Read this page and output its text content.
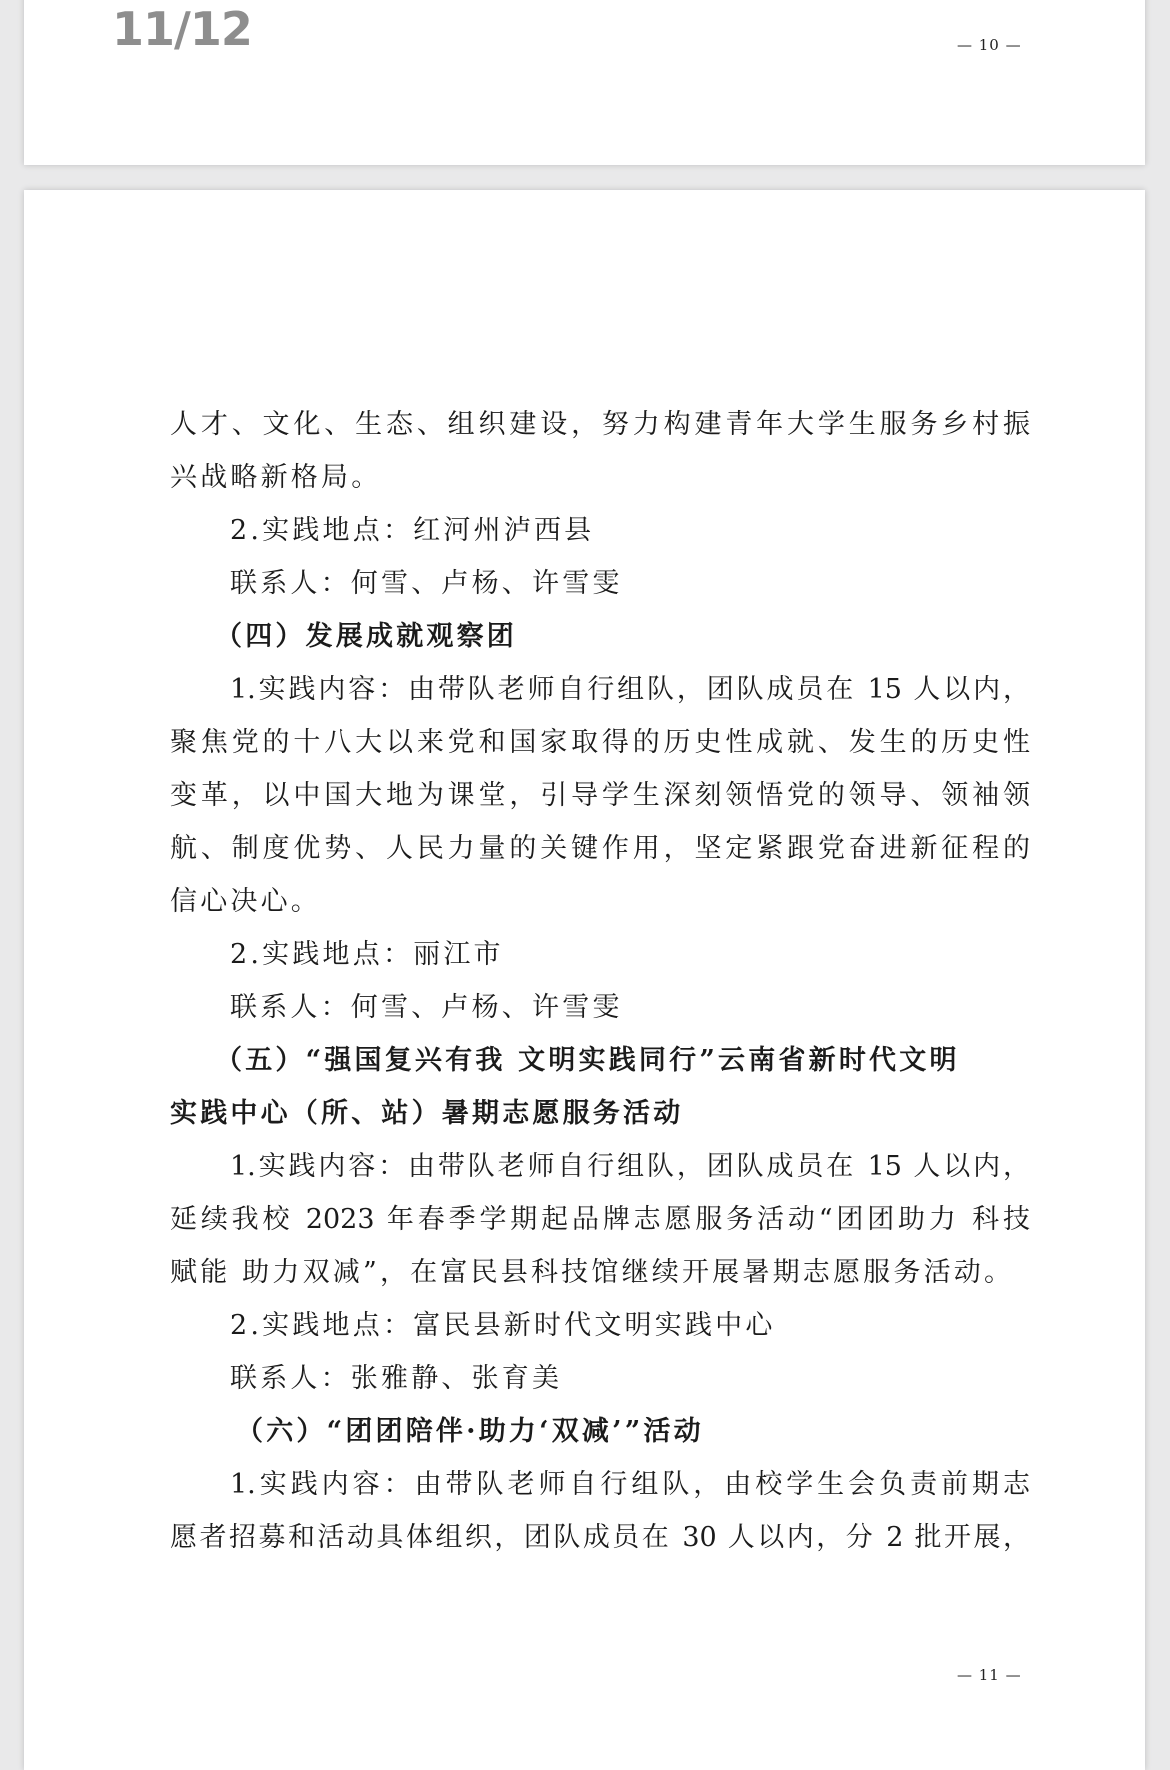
11/12	— 10 —
人才、文化、生态、组织建设，努力构建青年大学生服务乡村振
兴战略新格局。
2.实践地点：红河州泸西县
联系人：何雪、卢杨、许雪雯
（四）发展成就观察团
1.实践内容：由带队老师自行组队，团队成员在 15 人以内，
聚焦党的十八大以来党和国家取得的历史性成就、发生的历史性
变革，以中国大地为课堂，引导学生深刻领悟党的领导、领袖领
航、制度优势、人民力量的关键作用，坚定紧跟党奋进新征程的
信心决心。
2.实践地点：丽江市
联系人：何雪、卢杨、许雪雯
（五）“强国复兴有我 文明实践同行”云南省新时代文明
实践中心（所、站）暑期志愿服务活动
1.实践内容：由带队老师自行组队，团队成员在 15 人以内，
延续我校 2023 年春季学期起品牌志愿服务活动“团团助力 科技
赋能 助力双减”，在富民县科技馆继续开展暑期志愿服务活动。
2.实践地点：富民县新时代文明实践中心
联系人：张雅静、张育美
（六）“团团陪伴·助力‘双减’”活动
1.实践内容：由带队老师自行组队，由校学生会负责前期志
愿者招募和活动具体组织，团队成员在 30 人以内，分 2 批开展，
— 11 —
